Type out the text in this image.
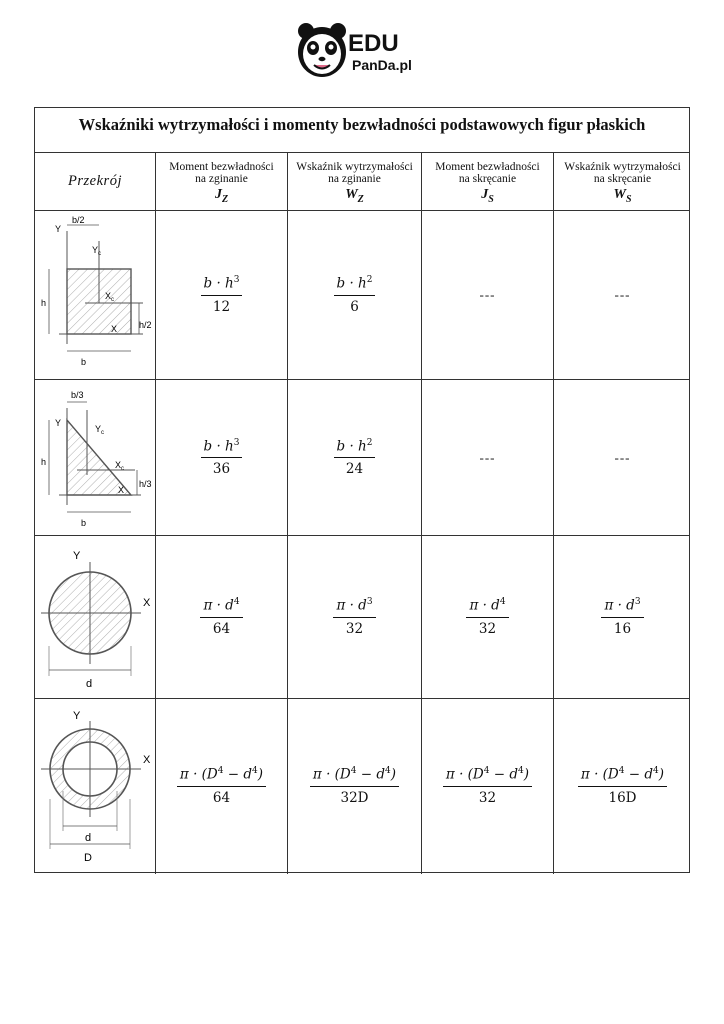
EDU
PanDa.pl
Wskaźniki wytrzymałości i momenty bezwładności podstawowych figur płaskich
Przekrój
Moment bezwładności
na zginanie
$J_Z$
Wskaźnik wytrzymałości
na zginanie
$W_Z$
Moment bezwładności
na skręcanie
$J_S$
Wskaźnik wytrzymałości
na skręcanie
$W_S$
Y
b/2
$Y_c$
$X_c$
h
h/2
X
b
$\frac{b \cdot h^3}{12}$	$\frac{b \cdot h^2}{6}$	---	---
Y
b/3
$Y_c$
$X_c$
h
h/3
X
b
$\frac{b \cdot h^3}{36}$	$\frac{b \cdot h^2}{24}$	---	---
Y
X
d
$\frac{\pi \cdot d^4}{64}$	$\frac{\pi \cdot d^3}{32}$	$\frac{\pi \cdot d^4}{32}$	$\frac{\pi \cdot d^3}{16}$
Y
X
d
D
$\frac{\pi \cdot (D^4 - d^4)}{64}$	$\frac{\pi \cdot (D^4 - d^4)}{32D}$	$\frac{\pi \cdot (D^4 - d^4)}{32}$	$\frac{\pi \cdot (D^4 - d^4)}{16D}$
